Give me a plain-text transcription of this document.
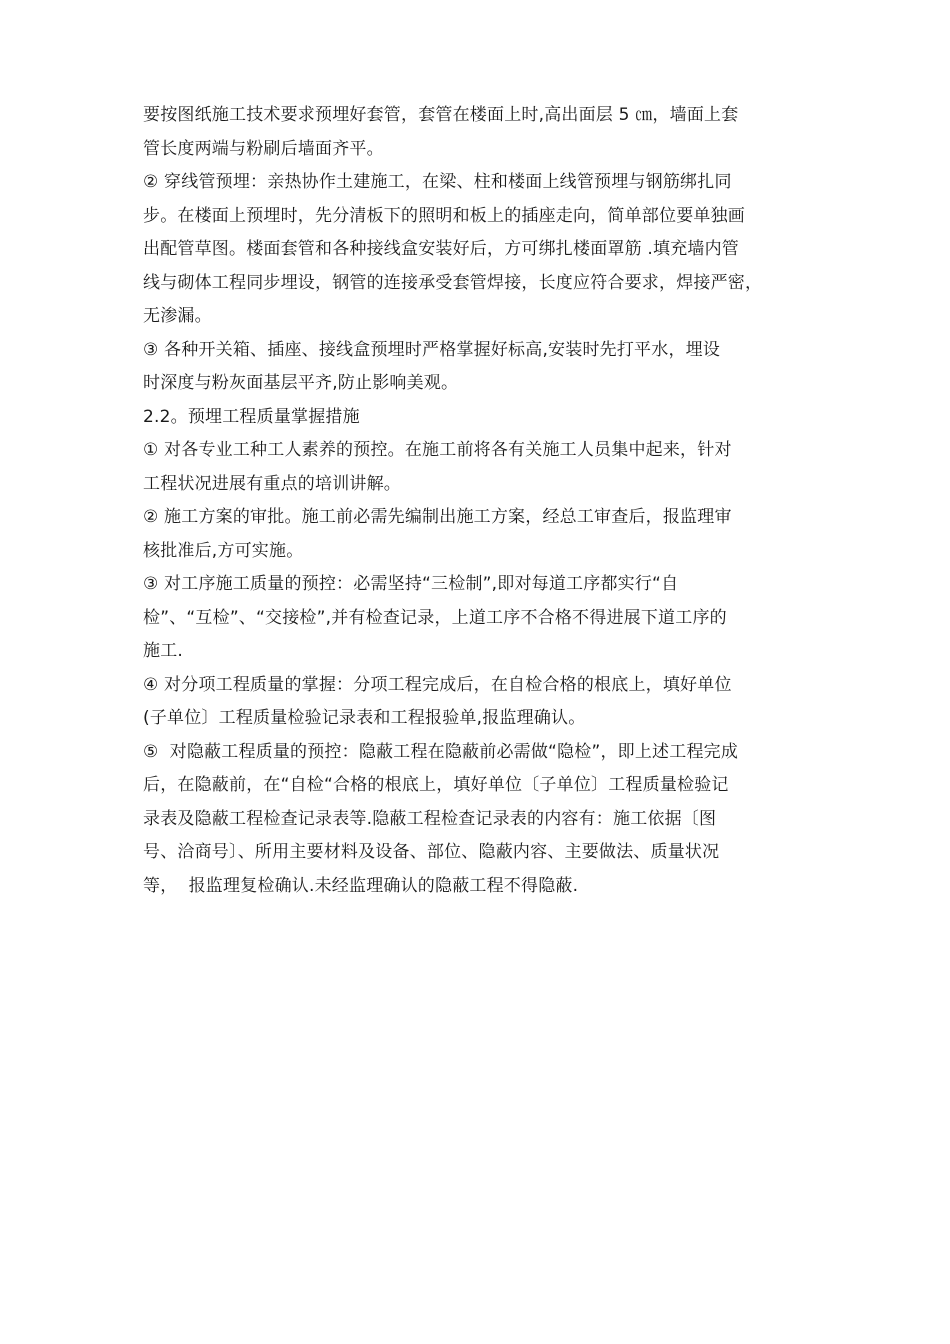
要按图纸施工技术要求预埋好套管，套管在楼面上时,高出面层 5 ㎝，墙面上套
管长度两端与粉刷后墙面齐平。
② 穿线管预埋：亲热协作土建施工，在梁、柱和楼面上线管预埋与钢筋绑扎同
步。在楼面上预埋时，先分清板下的照明和板上的插座走向，简单部位要单独画
出配管草图。楼面套管和各种接线盒安装好后，方可绑扎楼面罩筋 .填充墙内管
线与砌体工程同步埋设，钢管的连接承受套管焊接，长度应符合要求，焊接严密，
无渗漏。
③ 各种开关箱、插座、接线盒预埋时严格掌握好标高,安装时先打平水，埋设
时深度与粉灰面基层平齐,防止影响美观。
2.2。预埋工程质量掌握措施
① 对各专业工种工人素养的预控。在施工前将各有关施工人员集中起来，针对
工程状况进展有重点的培训讲解。
② 施工方案的审批。施工前必需先编制出施工方案，经总工审查后，报监理审
核批准后,方可实施。
③ 对工序施工质量的预控：必需坚持“三检制”,即对每道工序都实行“自
检”、“互检”、“交接检”,并有检查记录，上道工序不合格不得进展下道工序的
施工.
④ 对分项工程质量的掌握：分项工程完成后，在自检合格的根底上，填好单位
(子单位〕工程质量检验记录表和工程报验单,报监理确认。
⑤  对隐蔽工程质量的预控：隐蔽工程在隐蔽前必需做“隐检”，即上述工程完成
后，在隐蔽前，在“自检“合格的根底上，填好单位〔子单位〕工程质量检验记
录表及隐蔽工程检查记录表等.隐蔽工程检查记录表的内容有：施工依据〔图
号、洽商号〕、所用主要材料及设备、部位、隐蔽内容、主要做法、质量状况
等，  报监理复检确认.未经监理确认的隐蔽工程不得隐蔽.
